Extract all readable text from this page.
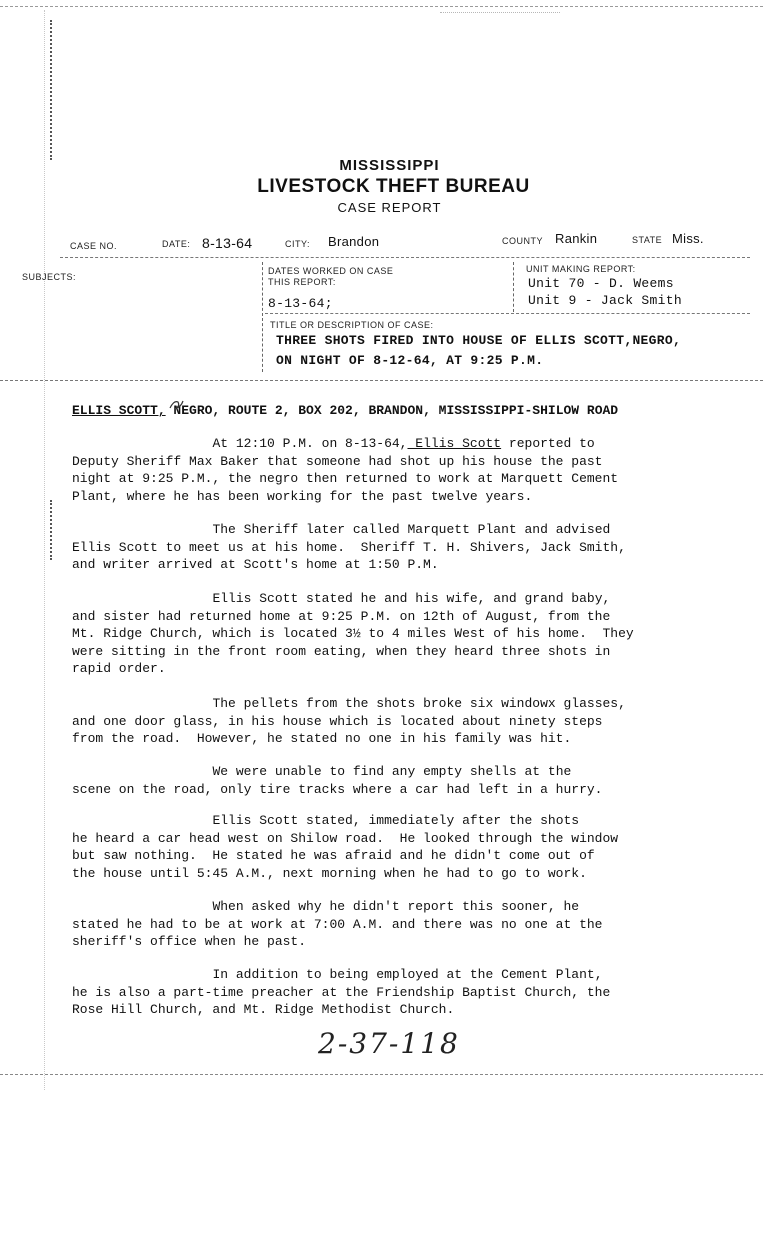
MISSISSIPPI
LIVESTOCK THEFT BUREAU
CASE REPORT
CASE NO.	DATE: 8-13-64	CITY: Brandon	COUNTY Rankin	STATE Miss.
SUBJECTS:
DATES WORKED ON CASE
THIS REPORT:
8-13-64;
UNIT MAKING REPORT:
Unit 70 - D. Weems
Unit 9 - Jack Smith
TITLE OR DESCRIPTION OF CASE:
THREE SHOTS FIRED INTO HOUSE OF ELLIS SCOTT,NEGRO,
ON NIGHT OF 8-12-64, AT 9:25 P.M.
ELLIS SCOTT, NEGRO, ROUTE 2, BOX 202, BRANDON, MISSISSIPPI-SHILOW ROAD
At 12:10 P.M. on 8-13-64, Ellis Scott reported to
Deputy Sheriff Max Baker that someone had shot up his house the past
night at 9:25 P.M., the negro then returned to work at Marquett Cement
Plant, where he has been working for the past twelve years.
The Sheriff later called Marquett Plant and advised
Ellis Scott to meet us at his home.  Sheriff T. H. Shivers, Jack Smith,
and writer arrived at Scott's home at 1:50 P.M.
Ellis Scott stated he and his wife, and grand baby,
and sister had returned home at 9:25 P.M. on 12th of August, from the
Mt. Ridge Church, which is located 3½ to 4 miles West of his home.  They
were sitting in the front room eating, when they heard three shots in
rapid order.
The pellets from the shots broke six windowx glasses,
and one door glass, in his house which is located about ninety steps
from the road.  However, he stated no one in his family was hit.
We were unable to find any empty shells at the
scene on the road, only tire tracks where a car had left in a hurry.
Ellis Scott stated, immediately after the shots
he heard a car head west on Shilow road.  He looked through the window
but saw nothing.  He stated he was afraid and he didn't come out of
the house until 5:45 A.M., next morning when he had to go to work.
When asked why he didn't report this sooner, he
stated he had to be at work at 7:00 A.M. and there was no one at the
sheriff's office when he past.
In addition to being employed at the Cement Plant,
he is also a part-time preacher at the Friendship Baptist Church, the
Rose Hill Church, and Mt. Ridge Methodist Church.
2-37-118
